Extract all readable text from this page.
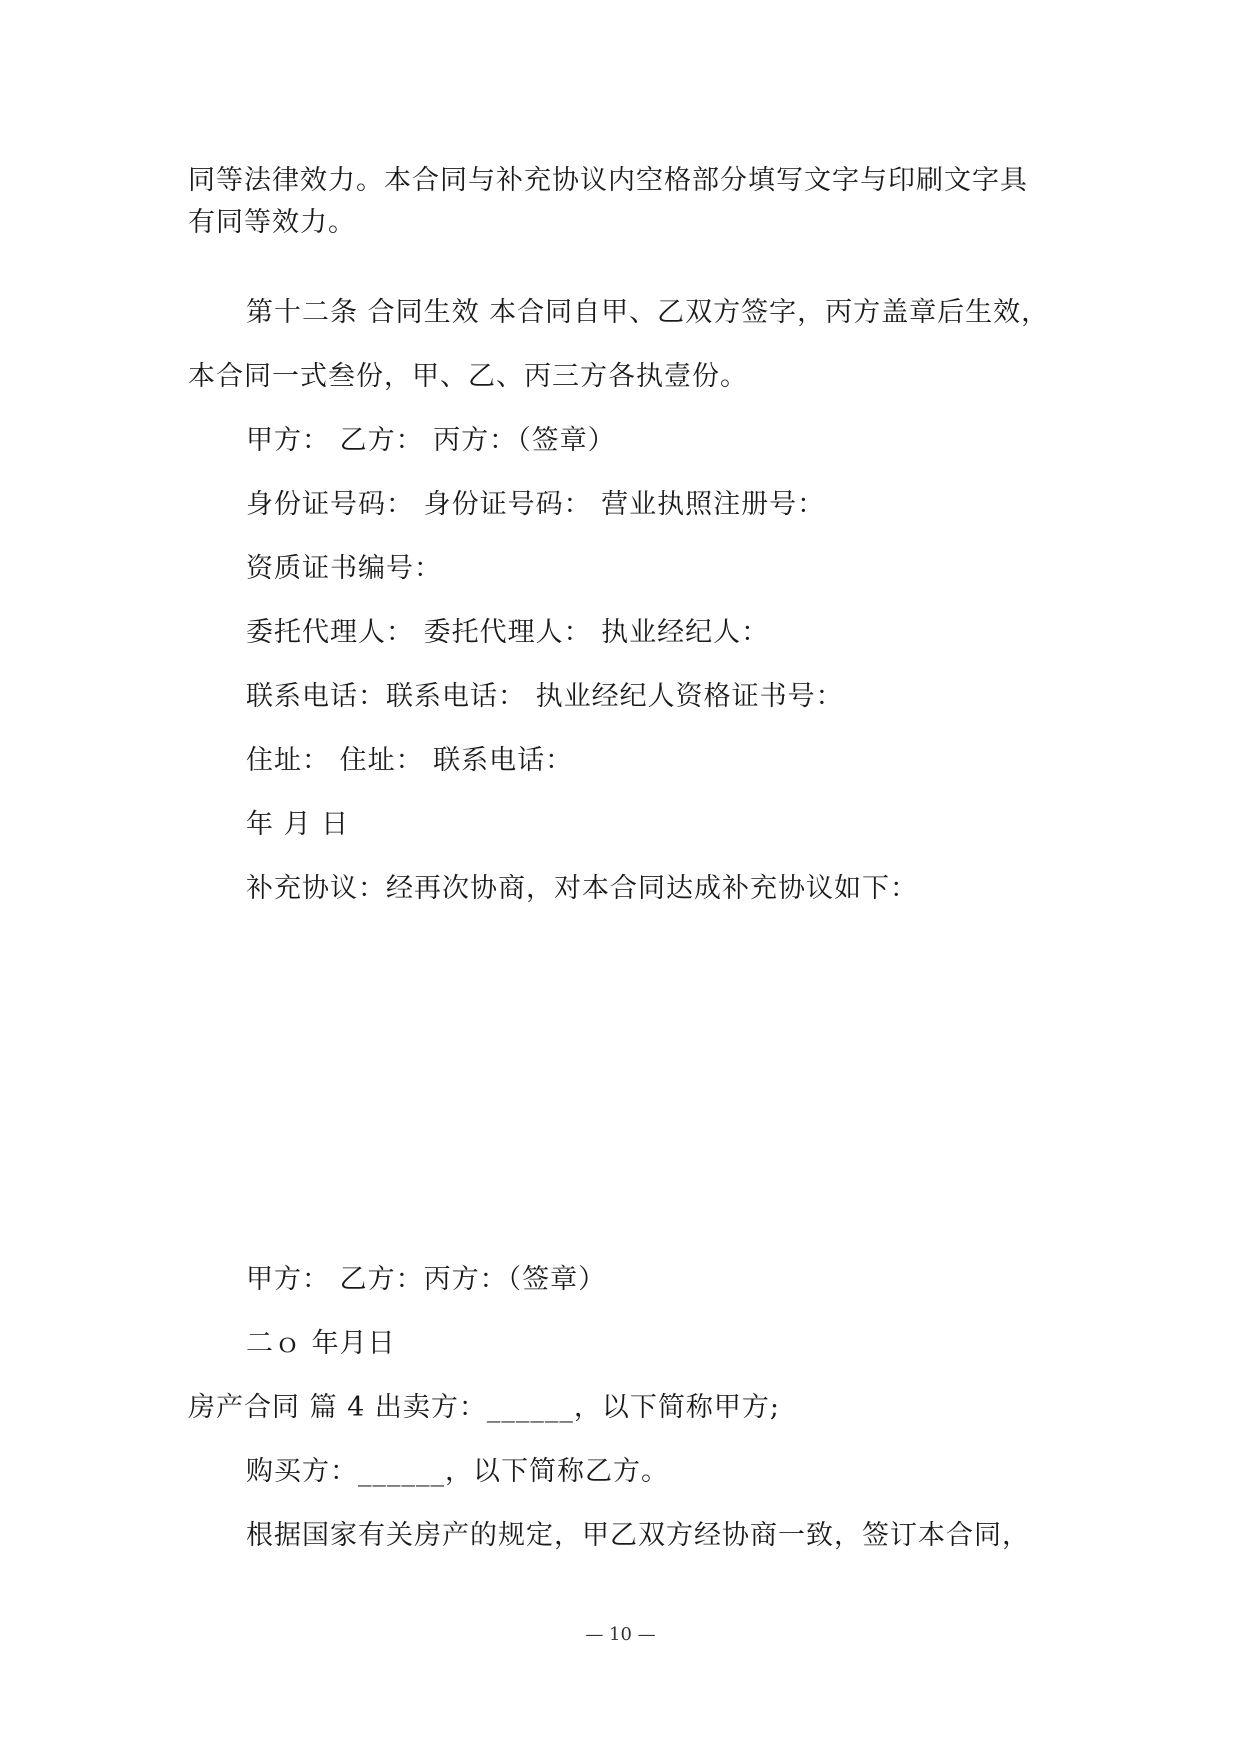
同等法律效力。本合同与补充协议内空格部分填写文字与印刷文字具
有同等效力。
第十二条 合同生效 本合同自甲、乙双方签字，丙方盖章后生效，
本合同一式叁份，甲、乙、丙三方各执壹份。
甲方： 乙方： 丙方：（签章）
身份证号码： 身份证号码： 营业执照注册号：
资质证书编号：
委托代理人： 委托代理人： 执业经纪人：
联系电话：联系电话： 执业经纪人资格证书号：
住址： 住址： 联系电话：
年 月 日
补充协议：经再次协商，对本合同达成补充协议如下：
甲方： 乙方：丙方：（签章）
二ｏ 年月日
房产合同 篇 4 出卖方：______，以下简称甲方;
购买方：______，以下简称乙方。
根据国家有关房产的规定，甲乙双方经协商一致，签订本合同，
— 10 —
